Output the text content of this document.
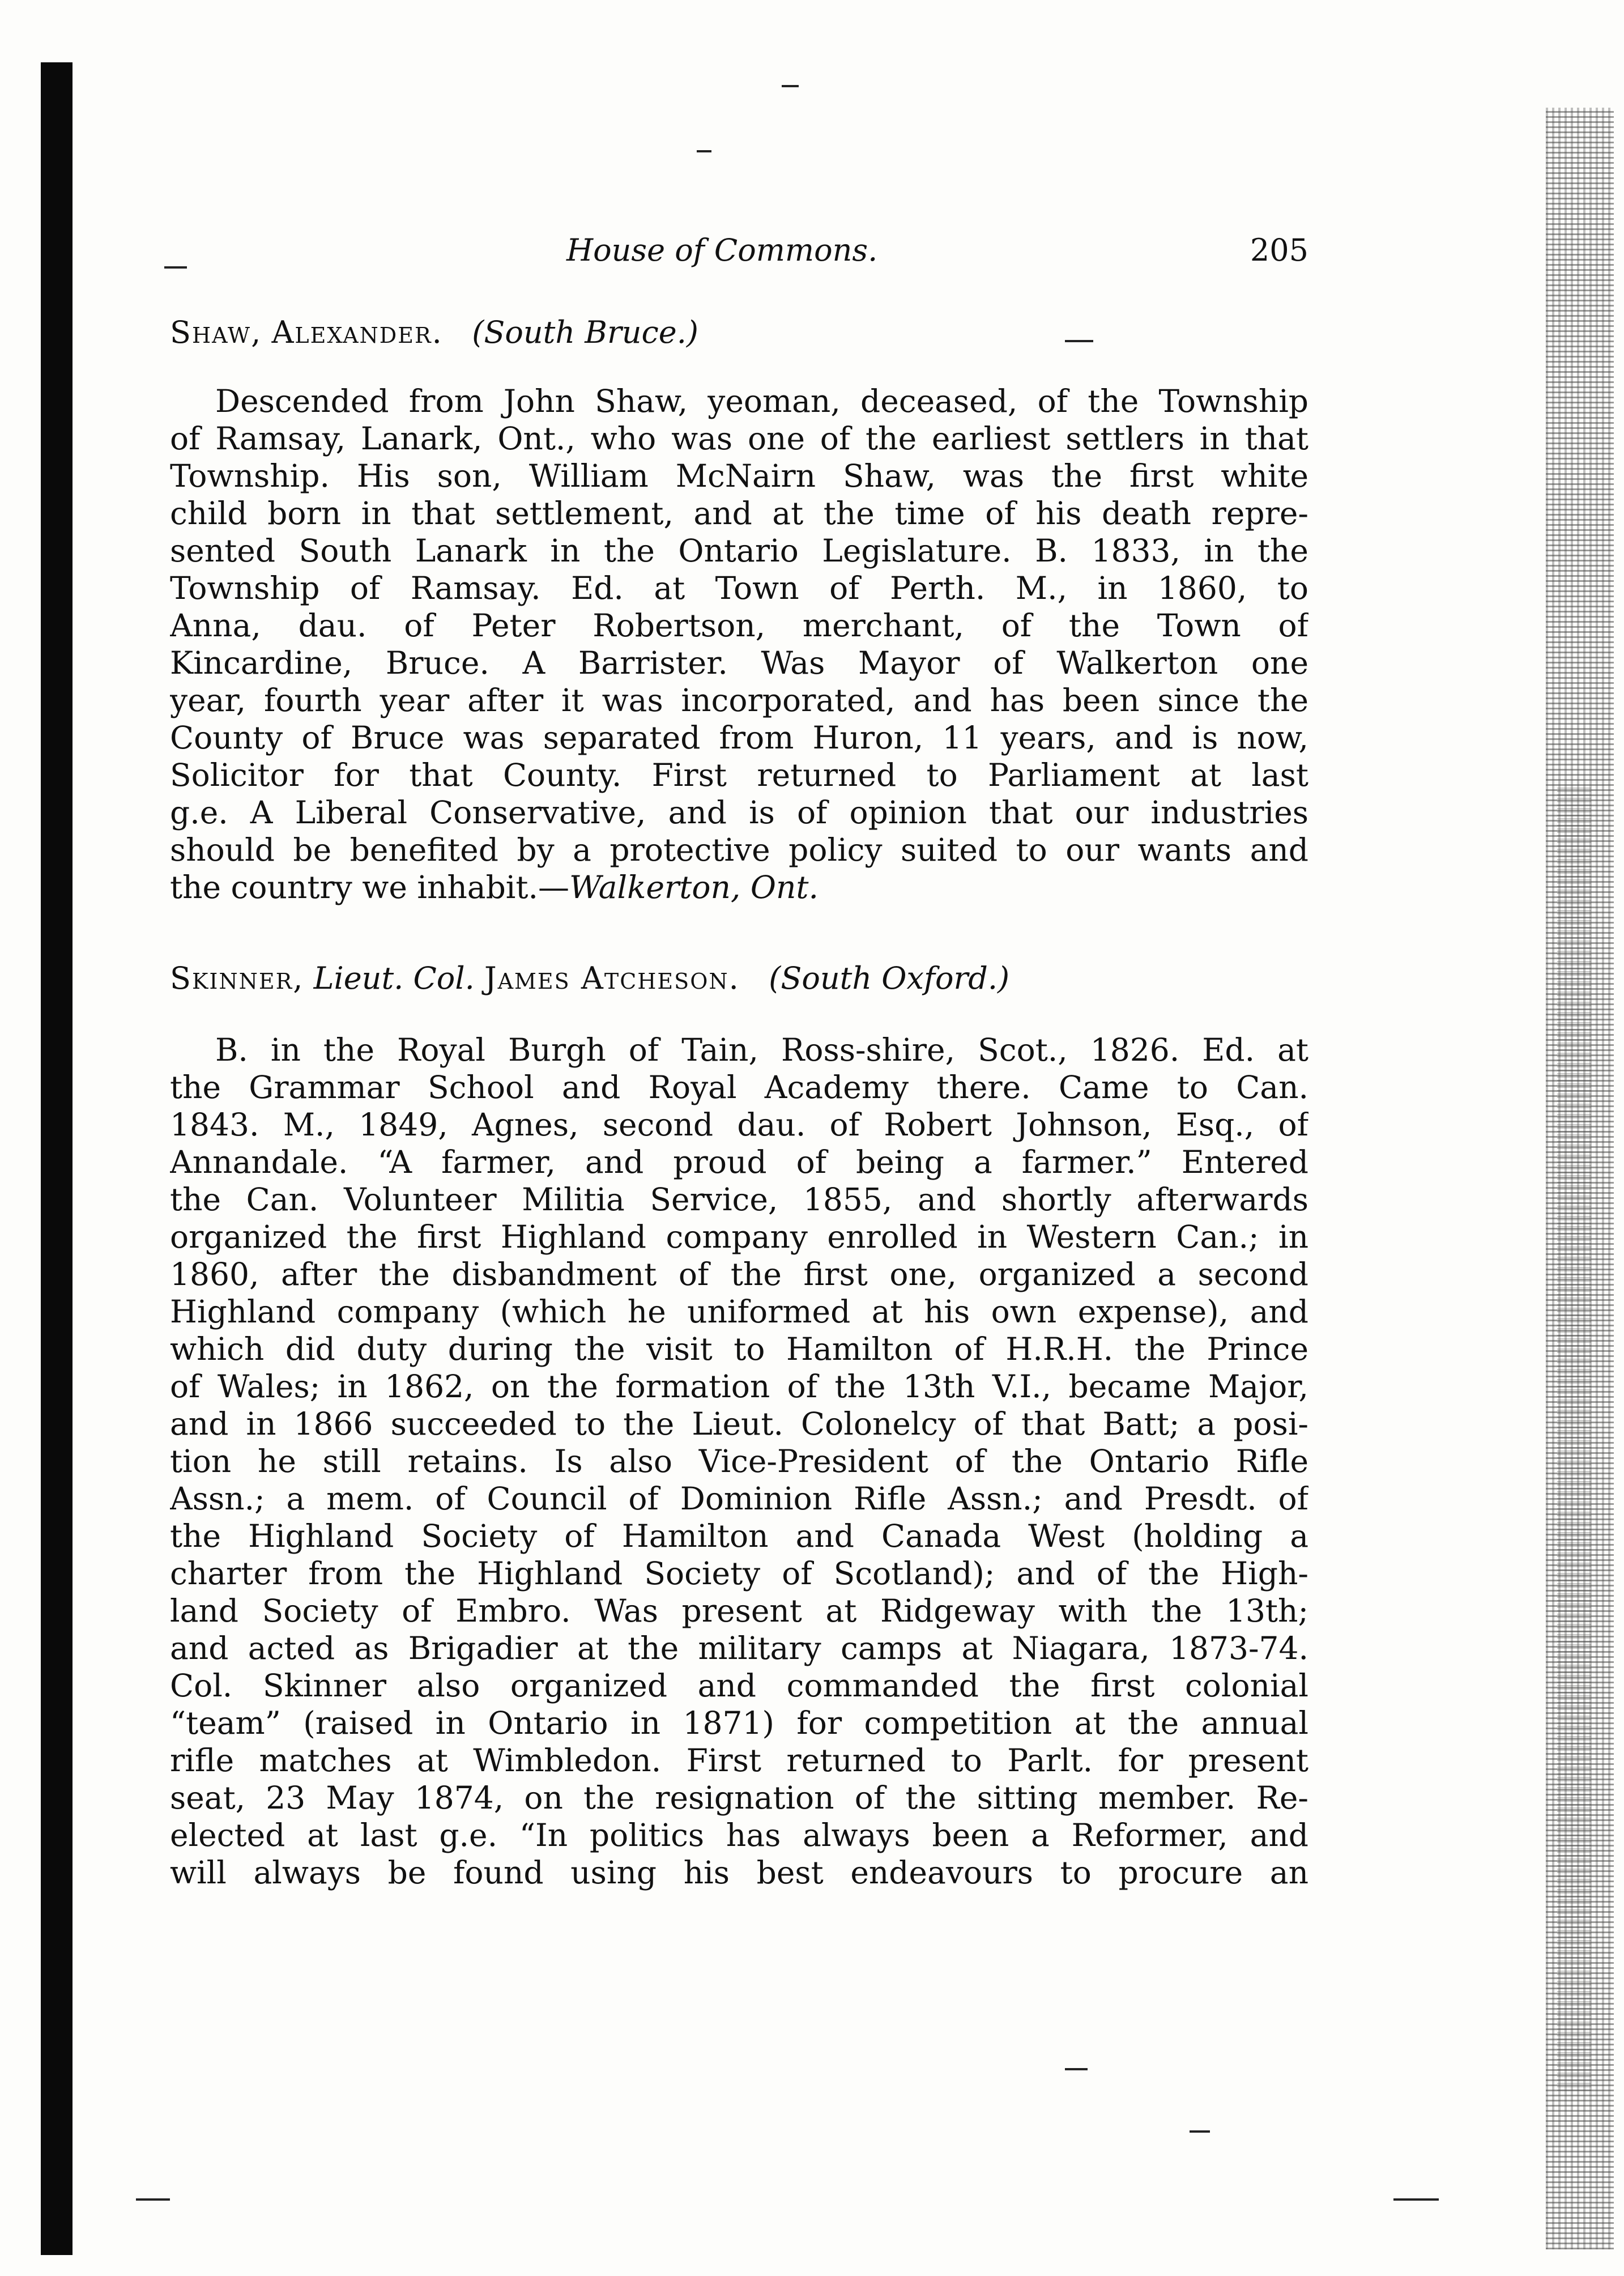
House of Commons.	205
Shaw, Alexander. (South Bruce.)
Descended from John Shaw, yeoman, deceased, of the Township
of Ramsay, Lanark, Ont., who was one of the earliest settlers in that
Township. His son, William McNairn Shaw, was the first white
child born in that settlement, and at the time of his death repre-
sented South Lanark in the Ontario Legislature. B. 1833, in the
Township of Ramsay. Ed. at Town of Perth. M., in 1860, to
Anna, dau. of Peter Robertson, merchant, of the Town of
Kincardine, Bruce. A Barrister. Was Mayor of Walkerton one
year, fourth year after it was incorporated, and has been since the
County of Bruce was separated from Huron, 11 years, and is now,
Solicitor for that County. First returned to Parliament at last
g.e. A Liberal Conservative, and is of opinion that our industries
should be benefited by a protective policy suited to our wants and
the country we inhabit.—Walkerton, Ont.
Skinner, Lieut. Col. James Atcheson. (South Oxford.)
B. in the Royal Burgh of Tain, Ross-shire, Scot., 1826. Ed. at
the Grammar School and Royal Academy there. Came to Can.
1843. M., 1849, Agnes, second dau. of Robert Johnson, Esq., of
Annandale. “A farmer, and proud of being a farmer.” Entered
the Can. Volunteer Militia Service, 1855, and shortly afterwards
organized the first Highland company enrolled in Western Can.; in
1860, after the disbandment of the first one, organized a second
Highland company (which he uniformed at his own expense), and
which did duty during the visit to Hamilton of H.R.H. the Prince
of Wales; in 1862, on the formation of the 13th V.I., became Major,
and in 1866 succeeded to the Lieut. Colonelcy of that Batt; a posi-
tion he still retains. Is also Vice-President of the Ontario Rifle
Assn.; a mem. of Council of Dominion Rifle Assn.; and Presdt. of
the Highland Society of Hamilton and Canada West (holding a
charter from the Highland Society of Scotland); and of the High-
land Society of Embro. Was present at Ridgeway with the 13th;
and acted as Brigadier at the military camps at Niagara, 1873-74.
Col. Skinner also organized and commanded the first colonial
“team” (raised in Ontario in 1871) for competition at the annual
rifle matches at Wimbledon. First returned to Parlt. for present
seat, 23 May 1874, on the resignation of the sitting member. Re-
elected at last g.e. “In politics has always been a Reformer, and
will always be found using his best endeavours to procure an
